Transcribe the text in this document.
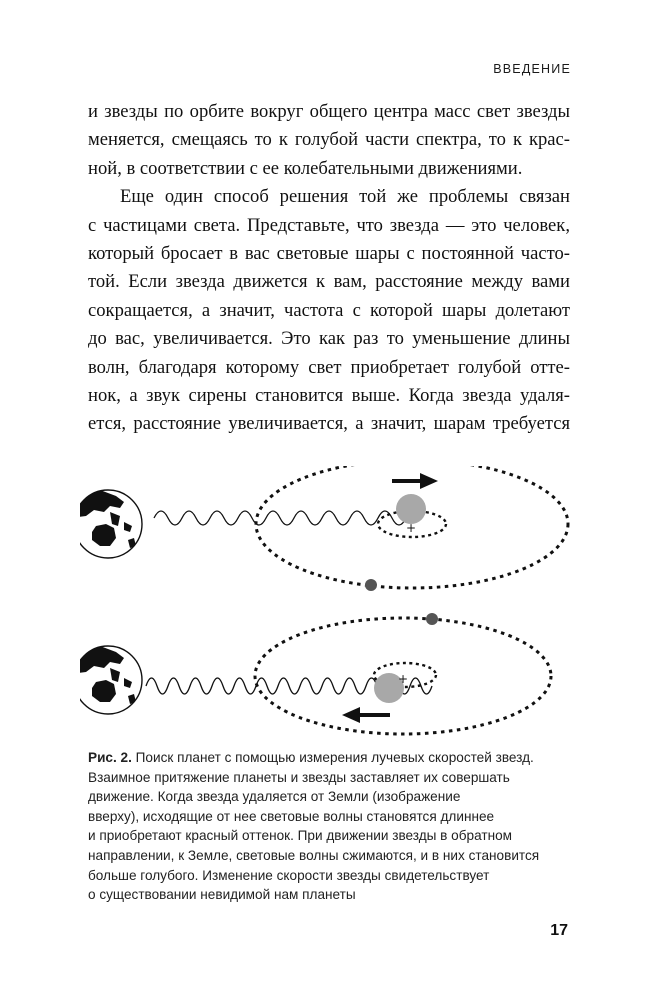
ВВЕДЕНИЕ
и звезды по орбите вокруг общего центра масс свет звезды
меняется, смещаясь то к голубой части спектра, то к крас-
ной, в соответствии с ее колебательными движениями.
Еще один способ решения той же проблемы связан
с частицами света. Представьте, что звезда — это человек,
который бросает в вас световые шары с постоянной часто-
той. Если звезда движется к вам, расстояние между вами
сокращается, а значит, частота с которой шары долетают
до вас, увеличивается. Это как раз то уменьшение длины
волн, благодаря которому свет приобретает голубой отте-
нок, а звук сирены становится выше. Когда звезда удаля-
ется, расстояние увеличивается, а значит, шарам требуется
+
+
Рис. 2. Поиск планет с помощью измерения лучевых скоростей звезд.
Взаимное притяжение планеты и звезды заставляет их совершать
движение. Когда звезда удаляется от Земли (изображение
вверху), исходящие от нее световые волны становятся длиннее
и приобретают красный оттенок. При движении звезды в обратном
направлении, к Земле, световые волны сжимаются, и в них становится
больше голубого. Изменение скорости звезды свидетельствует
о существовании невидимой нам планеты
17
